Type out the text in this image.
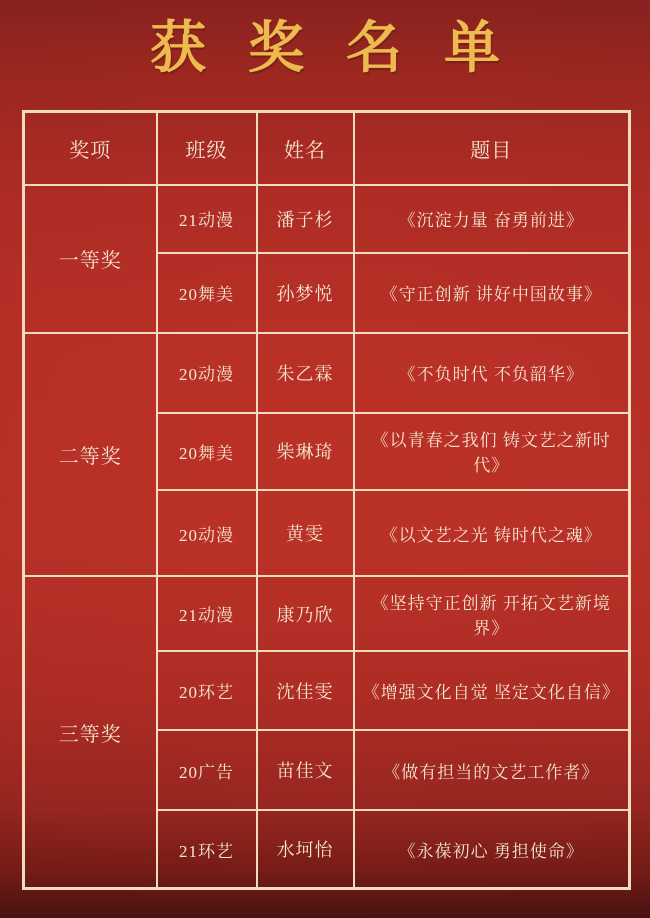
获奖名单
奖项	班级	姓名	题目
一等奖	21动漫	潘子杉	《沉淀力量 奋勇前进》
	20舞美	孙梦悦	《守正创新 讲好中国故事》
二等奖	20动漫	朱乙霖	《不负时代 不负韶华》
	20舞美	柴琳琦	《以青春之我们 铸文艺之新时代》
	20动漫	黄雯	《以文艺之光 铸时代之魂》
三等奖	21动漫	康乃欣	《坚持守正创新 开拓文艺新境界》
	20环艺	沈佳雯	《增强文化自觉 坚定文化自信》
	20广告	苗佳文	《做有担当的文艺工作者》
	21环艺	水坷怡	《永葆初心 勇担使命》
